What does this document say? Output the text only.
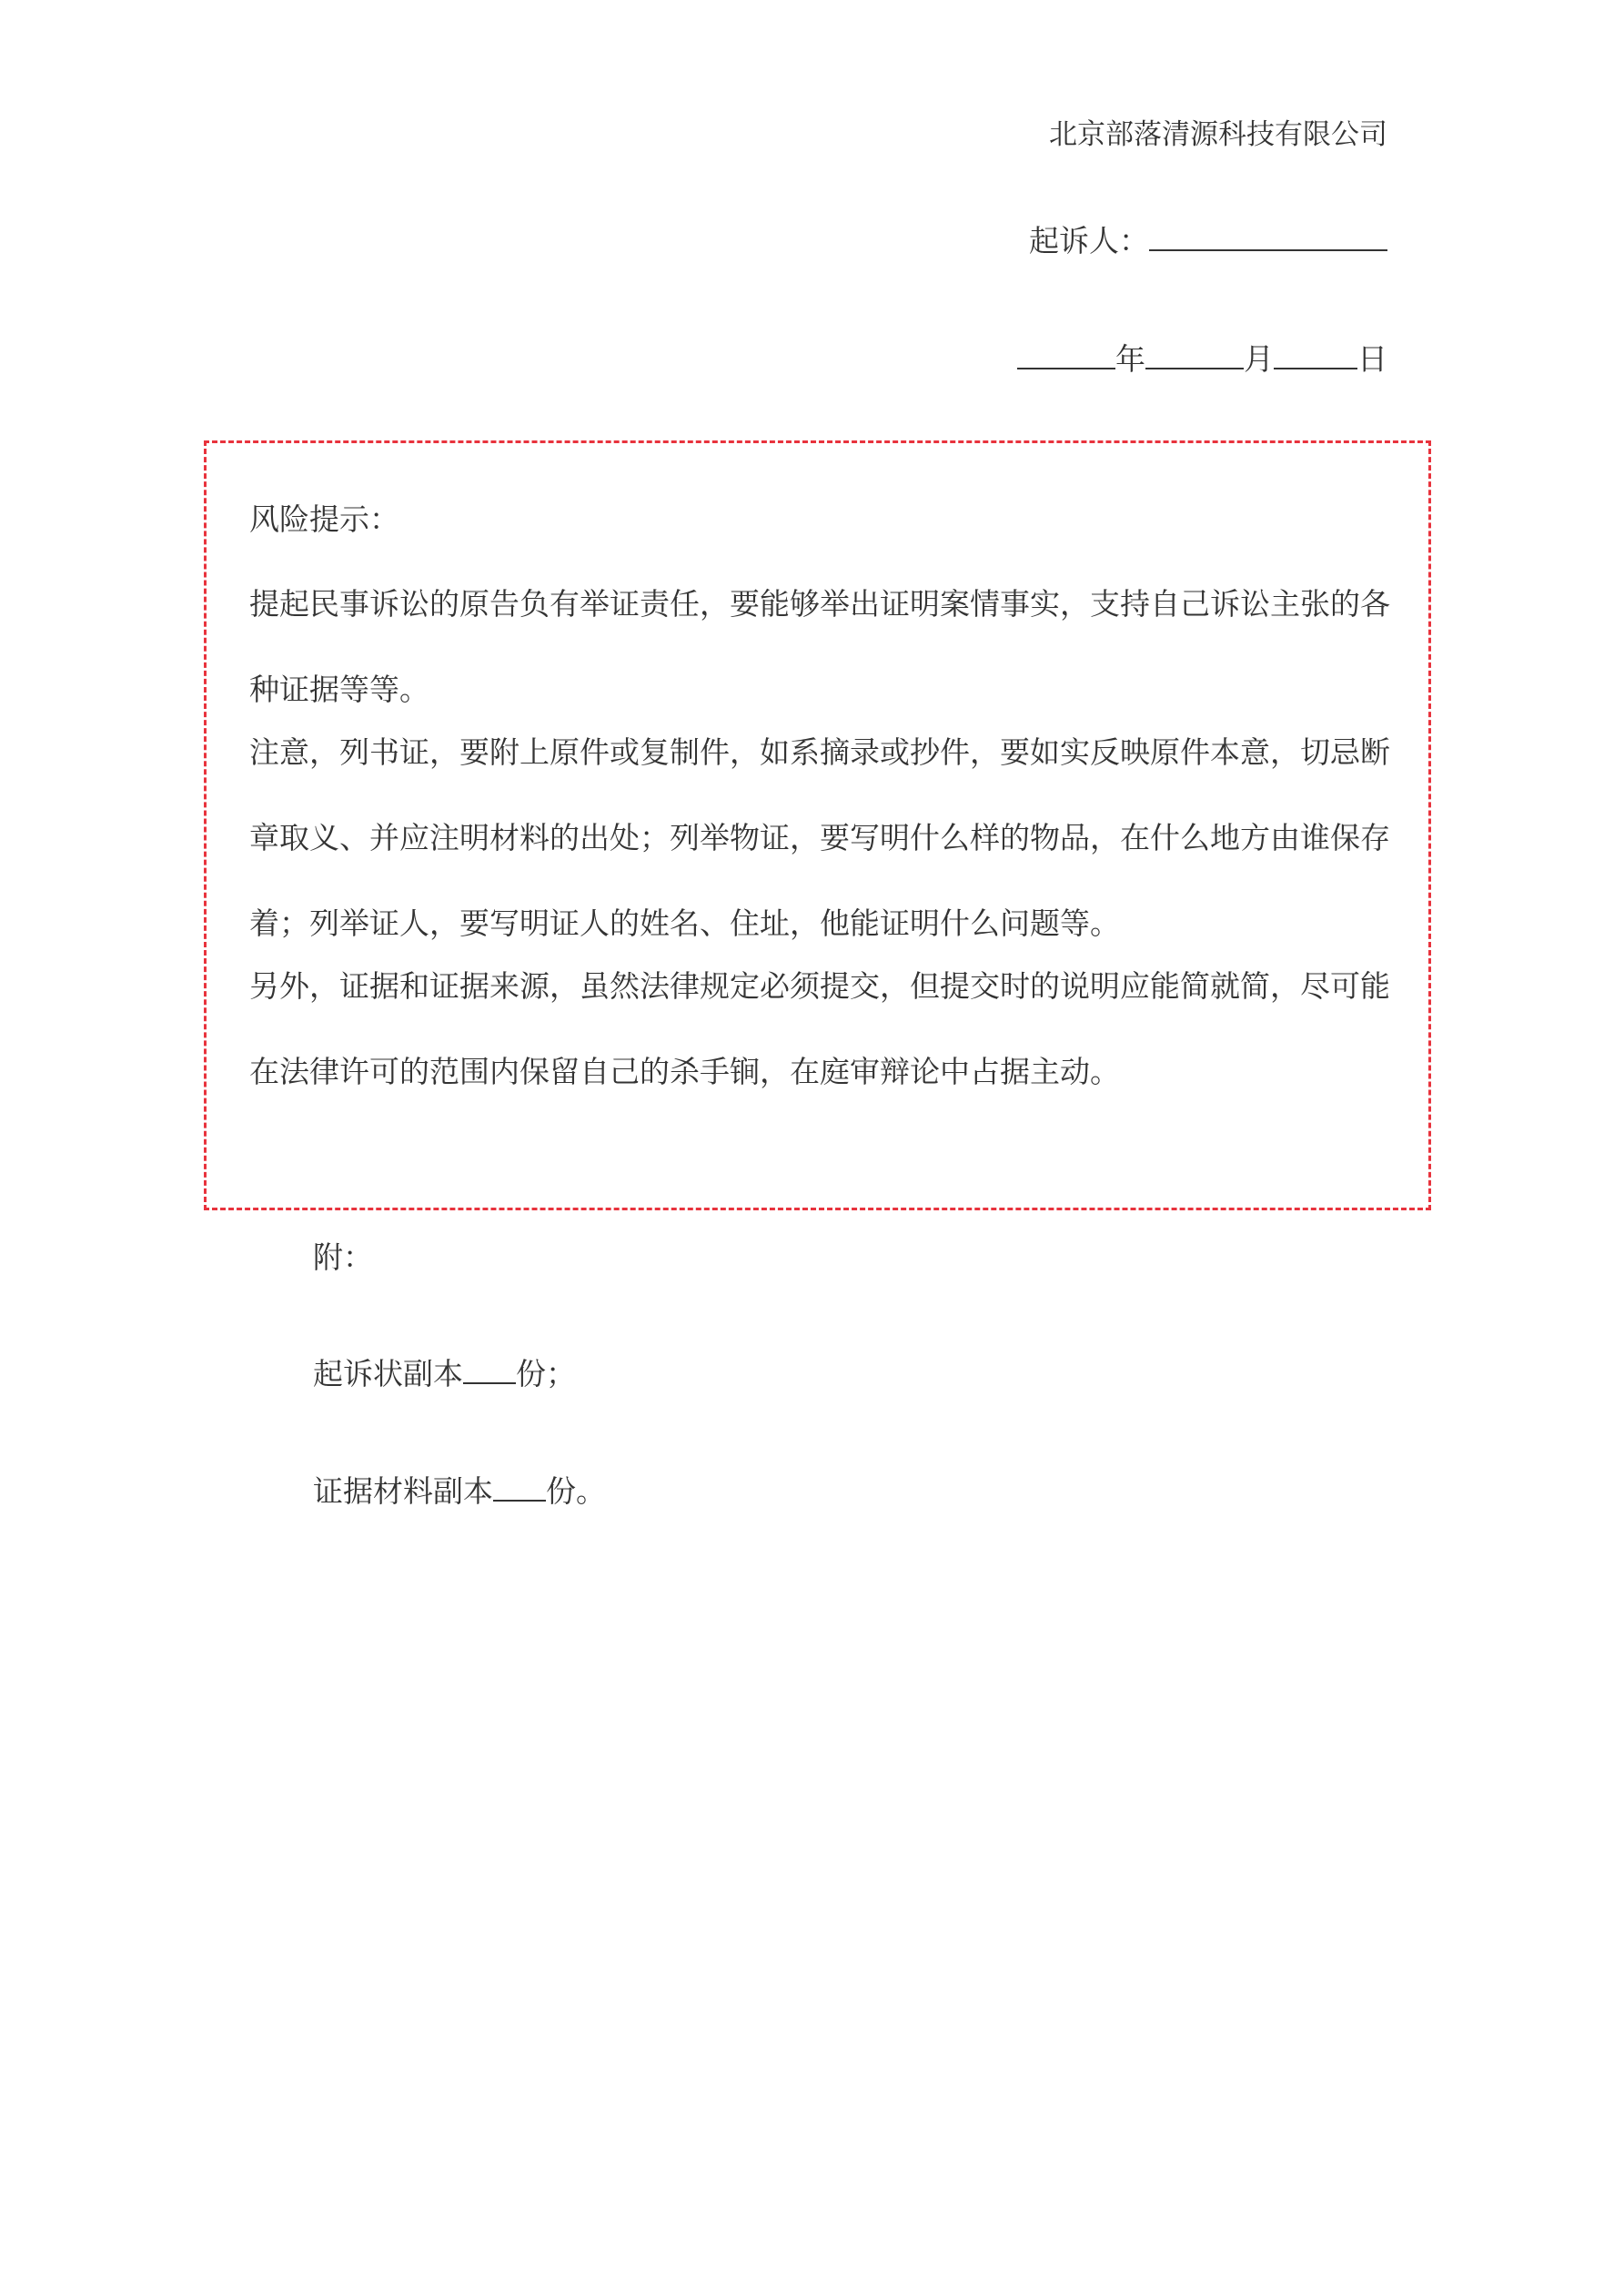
北京部落清源科技有限公司
起诉人：
年	月	日

风险提示：

提起民事诉讼的原告负有举证责任，要能够举出证明案情事实，支持自己诉讼主张的各种证据等等。

注意，列书证，要附上原件或复制件，如系摘录或抄件，要如实反映原件本意，切忌断章取义、并应注明材料的出处；列举物证，要写明什么样的物品，在什么地方由谁保存着；列举证人，要写明证人的姓名、住址，他能证明什么问题等。

另外，证据和证据来源，虽然法律规定必须提交，但提交时的说明应能简就简，尽可能在法律许可的范围内保留自己的杀手锏，在庭审辩论中占据主动。

附：
起诉状副本 份；
证据材料副本 份。
